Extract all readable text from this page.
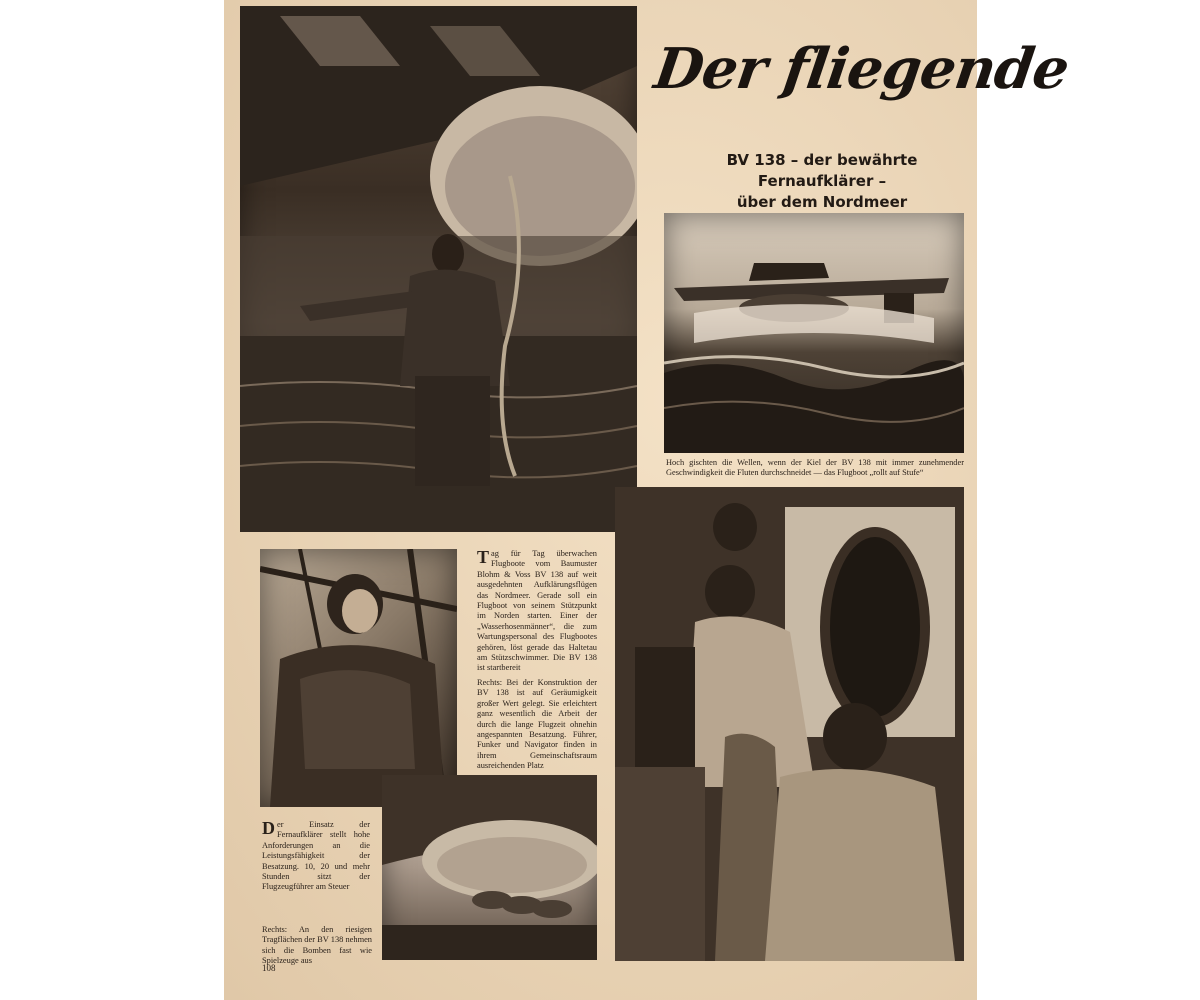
Der fliegende
BV 138 – der bewährte Fernaufklärer –
über dem Nordmeer
Hoch gischten die Wellen, wenn der Kiel der BV 138 mit immer zunehmender Geschwindigkeit die Fluten durchschneidet — das Flugboot „rollt auf Stufe“
Tag für Tag überwachen Flugboote vom Baumuster Blohm & Voss BV 138 auf weit ausgedehnten Aufklärungsflügen das Nordmeer. Gerade soll ein Flugboot von seinem Stützpunkt im Norden starten. Einer der „Wasserhosenmänner“, die zum Wartungspersonal des Flugbootes gehören, löst gerade das Haltetau am Stützschwimmer. Die BV 138 ist startbereit
Rechts: Bei der Konstruktion der BV 138 ist auf Geräumigkeit großer Wert gelegt. Sie erleichtert ganz wesentlich die Arbeit der durch die lange Flugzeit ohnehin angespannten Besatzung. Führer, Funker und Navigator finden in ihrem Gemeinschaftsraum ausreichenden Platz
Der Einsatz der Fernaufklärer stellt hohe Anforderungen an die Leistungsfähigkeit der Besatzung. 10, 20 und mehr Stunden sitzt der Flugzeugführer am Steuer
Rechts: An den riesigen Tragflächen der BV 138 nehmen sich die Bomben fast wie Spielzeuge aus
108
